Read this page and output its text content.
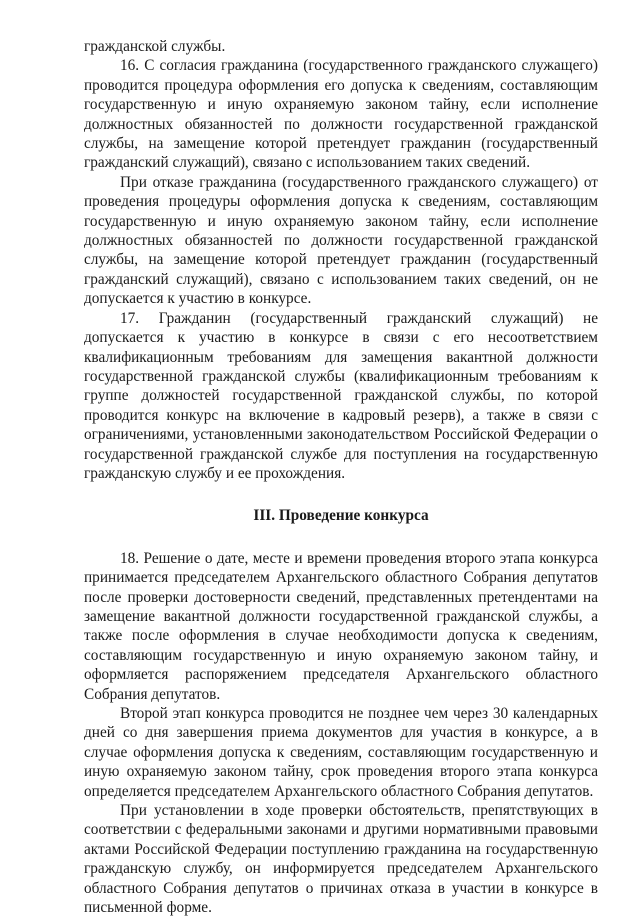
гражданской службы.

16. С согласия гражданина (государственного гражданского служащего) проводится процедура оформления его допуска к сведениям, составляющим государственную и иную охраняемую законом тайну, если исполнение должностных обязанностей по должности государственной гражданской службы, на замещение которой претендует гражданин (государственный гражданский служащий), связано с использованием таких сведений.

При отказе гражданина (государственного гражданского служащего) от проведения процедуры оформления допуска к сведениям, составляющим государственную и иную охраняемую законом тайну, если исполнение должностных обязанностей по должности государственной гражданской службы, на замещение которой претендует гражданин (государственный гражданский служащий), связано с использованием таких сведений, он не допускается к участию в конкурсе.

17. Гражданин (государственный гражданский служащий) не допускается к участию в конкурсе в связи с его несоответствием квалификационным требованиям для замещения вакантной должности государственной гражданской службы (квалификационным требованиям к группе должностей государственной гражданской службы, по которой проводится конкурс на включение в кадровый резерв), а также в связи с ограничениями, установленными законодательством Российской Федерации о государственной гражданской службе для поступления на государственную гражданскую службу и ее прохождения.

III. Проведение конкурса

18. Решение о дате, месте и времени проведения второго этапа конкурса принимается председателем Архангельского областного Собрания депутатов после проверки достоверности сведений, представленных претендентами на замещение вакантной должности государственной гражданской службы, а также после оформления в случае необходимости допуска к сведениям, составляющим государственную и иную охраняемую законом тайну, и оформляется распоряжением председателя Архангельского областного Собрания депутатов.

Второй этап конкурса проводится не позднее чем через 30 календарных дней со дня завершения приема документов для участия в конкурсе, а в случае оформления допуска к сведениям, составляющим государственную и иную охраняемую законом тайну, срок проведения второго этапа конкурса определяется председателем Архангельского областного Собрания депутатов.

При установлении в ходе проверки обстоятельств, препятствующих в соответствии с федеральными законами и другими нормативными правовыми актами Российской Федерации поступлению гражданина на государственную гражданскую службу, он информируется председателем Архангельского областного Собрания депутатов о причинах отказа в участии в конкурсе в письменной форме.
